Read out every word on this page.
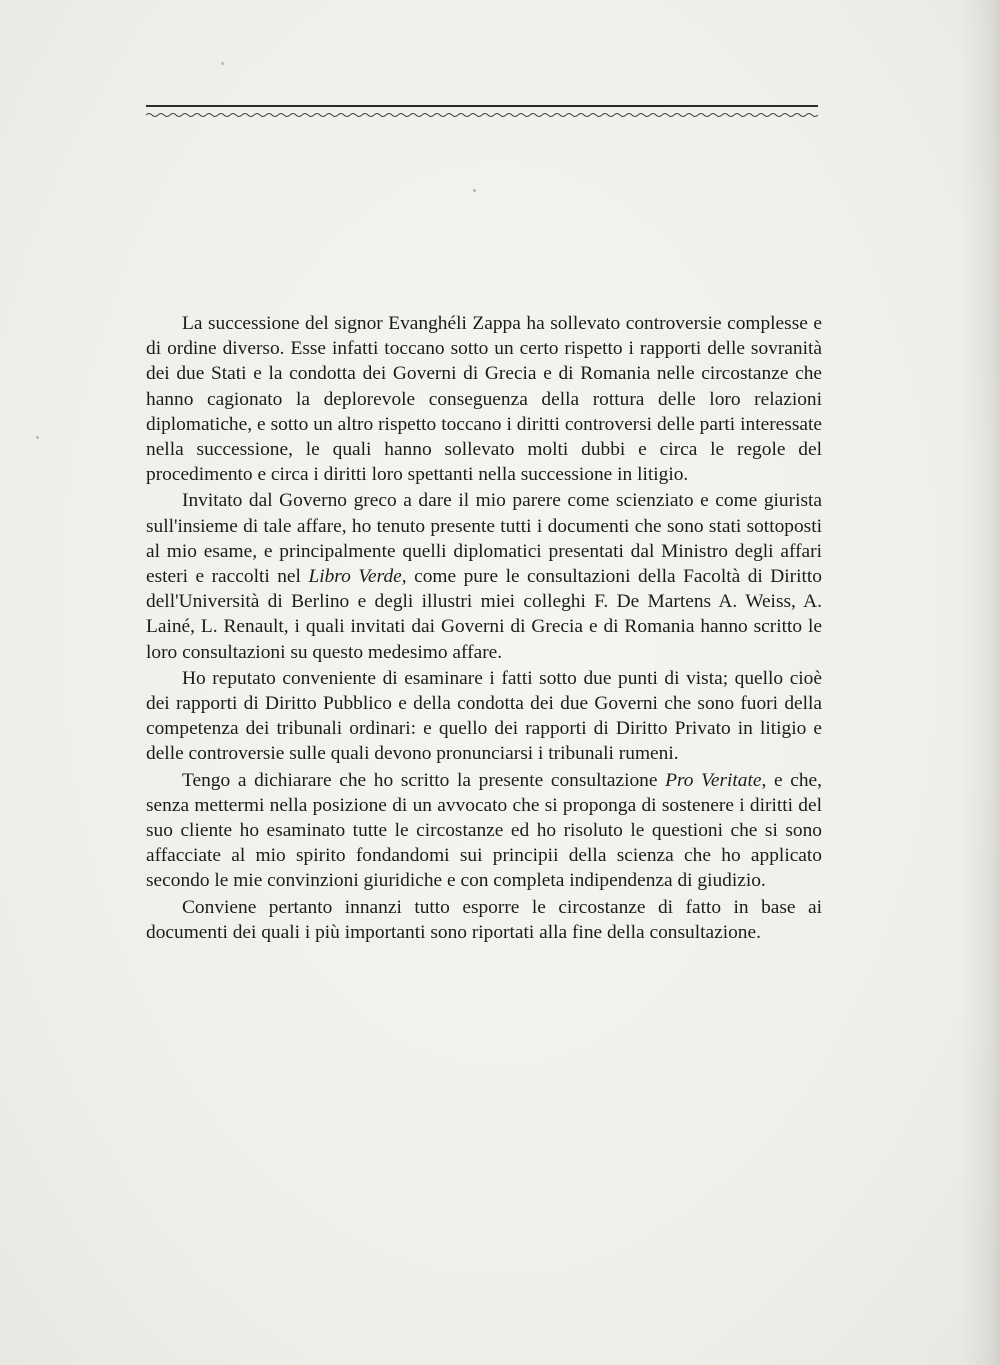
La successione del signor Evanghéli Zappa ha sollevato controversie complesse e di ordine diverso. Esse infatti toccano sotto un certo rispetto i rapporti delle sovranità dei due Stati e la condotta dei Governi di Grecia e di Romania nelle circostanze che hanno cagionato la deplorevole conseguenza della rottura delle loro relazioni diplomatiche, e sotto un altro rispetto toccano i diritti controversi delle parti interessate nella successione, le quali hanno sollevato molti dubbi e circa le regole del procedimento e circa i diritti loro spettanti nella successione in litigio.

Invitato dal Governo greco a dare il mio parere come scienziato e come giurista sull'insieme di tale affare, ho tenuto presente tutti i documenti che sono stati sottoposti al mio esame, e principalmente quelli diplomatici presentati dal Ministro degli affari esteri e raccolti nel Libro Verde, come pure le consultazioni della Facoltà di Diritto dell'Università di Berlino e degli illustri miei colleghi F. De Martens A. Weiss, A. Lainé, L. Renault, i quali invitati dai Governi di Grecia e di Romania hanno scritto le loro consultazioni su questo medesimo affare.

Ho reputato conveniente di esaminare i fatti sotto due punti di vista; quello cioè dei rapporti di Diritto Pubblico e della condotta dei due Governi che sono fuori della competenza dei tribunali ordinari: e quello dei rapporti di Diritto Privato in litigio e delle controversie sulle quali devono pronunciarsi i tribunali rumeni.

Tengo a dichiarare che ho scritto la presente consultazione Pro Veritate, e che, senza mettermi nella posizione di un avvocato che si proponga di sostenere i diritti del suo cliente ho esaminato tutte le circostanze ed ho risoluto le questioni che si sono affacciate al mio spirito fondandomi sui principii della scienza che ho applicato secondo le mie convinzioni giuridiche e con completa indipendenza di giudizio.

Conviene pertanto innanzi tutto esporre le circostanze di fatto in base ai documenti dei quali i più importanti sono riportati alla fine della consultazione.
